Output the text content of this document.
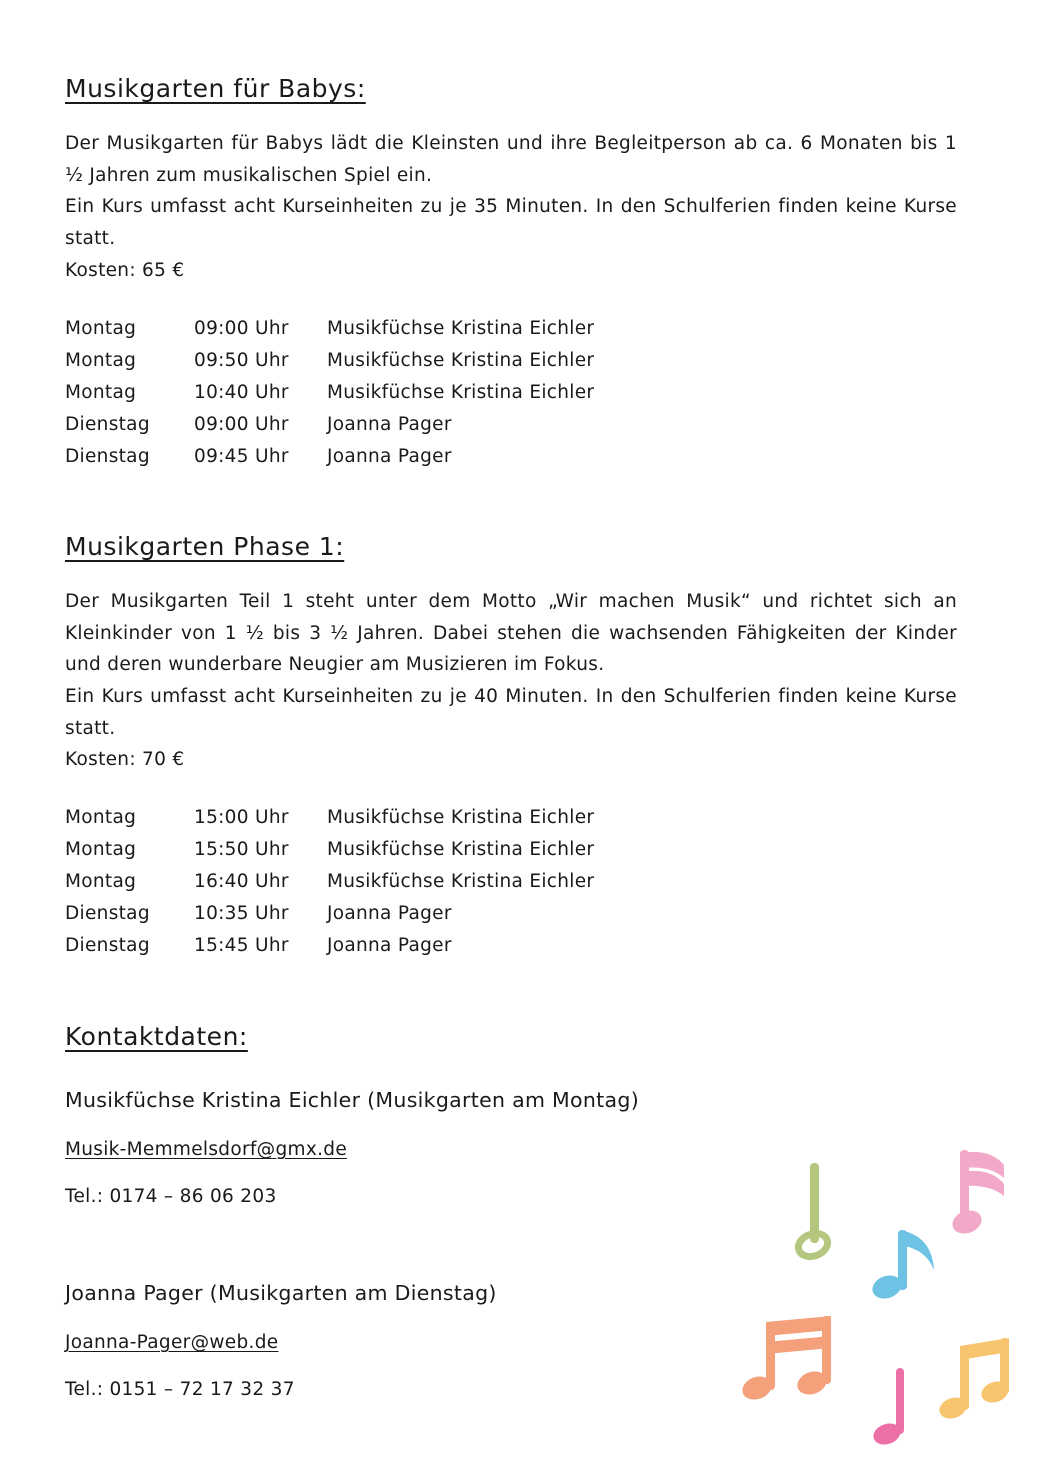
Musikgarten für Babys:

Der Musikgarten für Babys lädt die Kleinsten und ihre Begleitperson ab ca. 6 Monaten bis 1 ½ Jahren zum musikalischen Spiel ein.

Ein Kurs umfasst acht Kurseinheiten zu je 35 Minuten. In den Schulferien finden keine Kurse statt.

Kosten: 65 €

Montag	09:00 Uhr Musikfüchse Kristina Eichler
Montag	09:50 Uhr Musikfüchse Kristina Eichler
Montag	10:40 Uhr Musikfüchse Kristina Eichler
Dienstag 09:00 Uhr Joanna Pager
Dienstag 09:45 Uhr Joanna Pager
Musikgarten Phase 1:

Der Musikgarten Teil 1 steht unter dem Motto „Wir machen Musik“ und richtet sich an Kleinkinder von 1 ½ bis 3 ½ Jahren. Dabei stehen die wachsenden Fähigkeiten der Kinder und deren wunderbare Neugier am Musizieren im Fokus.

Ein Kurs umfasst acht Kurseinheiten zu je 40 Minuten. In den Schulferien finden keine Kurse statt.

Kosten: 70 €

Montag	15:00 Uhr Musikfüchse Kristina Eichler
Montag	15:50 Uhr Musikfüchse Kristina Eichler
Montag	16:40 Uhr Musikfüchse Kristina Eichler
Dienstag 10:35 Uhr Joanna Pager
Dienstag 15:45 Uhr Joanna Pager
Kontaktdaten:

Musikfüchse Kristina Eichler (Musikgarten am Montag)

Musik-Memmelsdorf@gmx.de

Tel.: 0174 – 86 06 203

Joanna Pager (Musikgarten am Dienstag)

Joanna-Pager@web.de

Tel.: 0151 – 72 17 32 37
